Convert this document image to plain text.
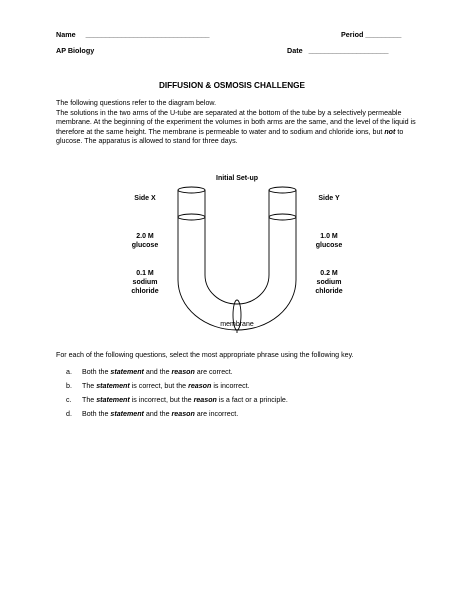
Name _______________________________	Period _________
AP Biology	Date ____________________
DIFFUSION & OSMOSIS CHALLENGE

The following questions refer to the diagram below.

The solutions in the two arms of the U-tube are separated at the bottom of the tube by a selectively permeable membrane. At the beginning of the experiment the volumes in both arms are the same, and the level of the liquid is therefore at the same height. The membrane is permeable to water and to sodium and chloride ions, but not to glucose. The apparatus is allowed to stand for three days.

Initial Set-up
Side X
2.0 M
glucose
0.1 M
sodium
chloride
Side Y
1.0 M
glucose
0.2 M
sodium
chloride
membrane
For each of the following questions, select the most appropriate phrase using the following key.
a. Both the statement and the reason are correct.
b. The statement is correct, but the reason is incorrect.
c. The statement is incorrect, but the reason is a fact or a principle.
d. Both the statement and the reason are incorrect.
